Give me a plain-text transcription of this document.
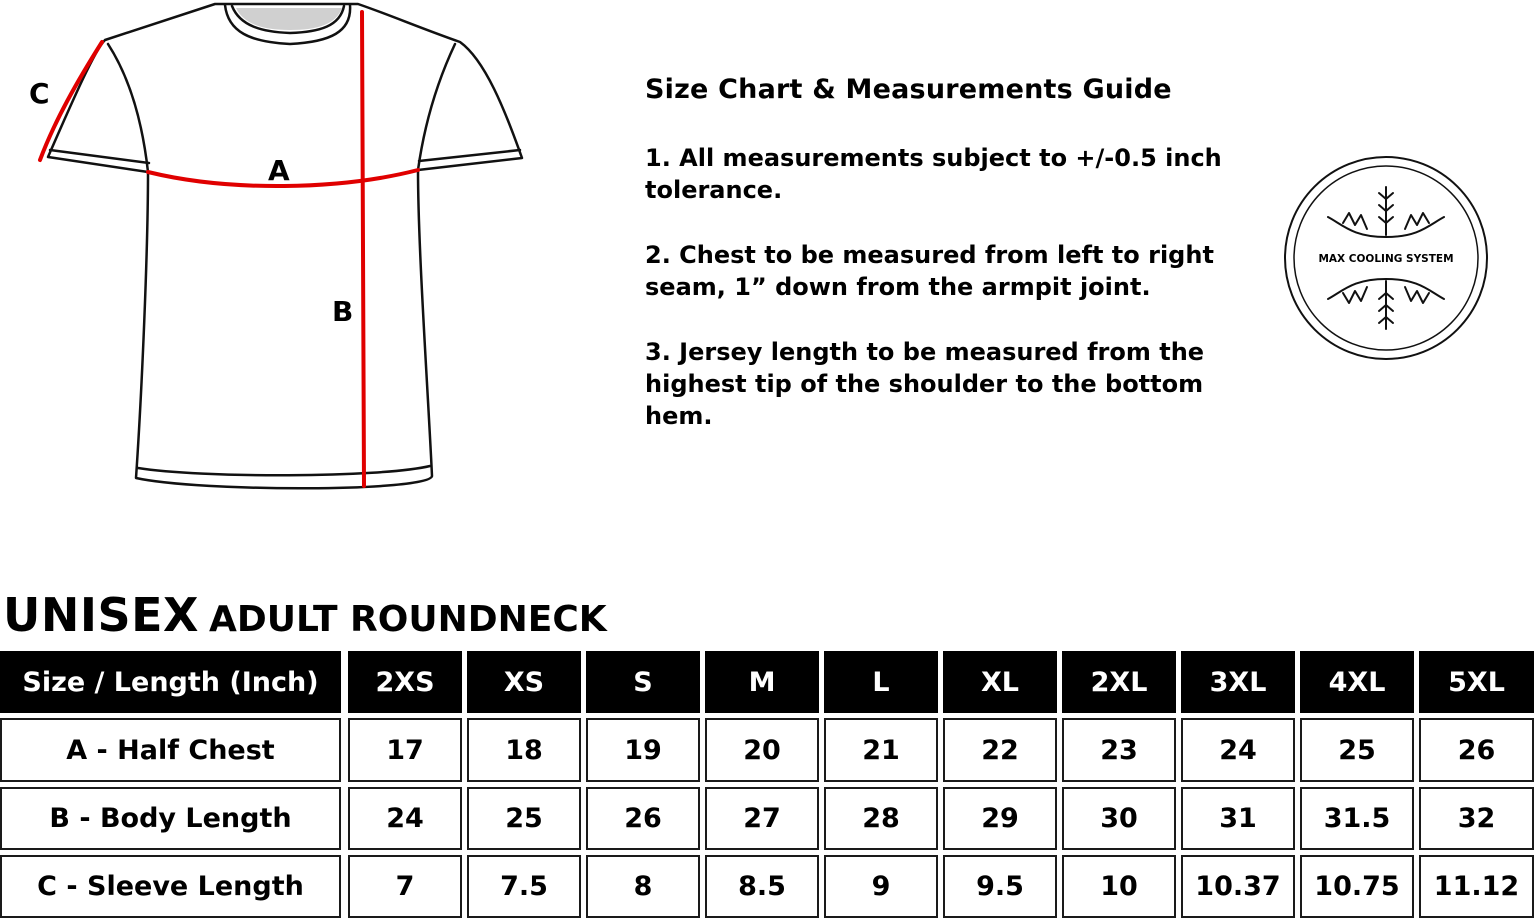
A
B
C	Size Chart & Measurements Guide
1. All measurements subject to +/-0.5 inch tolerance.
2. Chest to be measured from left to right seam, 1” down from the armpit joint.
3. Jersey length to be measured from the highest tip of the shoulder to the bottom hem.
MAX COOLING SYSTEM
UNISEX ADULT ROUNDNECK
Size / Length (Inch)	2XS	XS	S	M	L	XL	2XL	3XL	4XL	5XL
A - Half Chest	17	18	19	20	21	22	23	24	25	26
B - Body Length	24	25	26	27	28	29	30	31	31.5	32
C - Sleeve Length	7	7.5	8	8.5	9	9.5	10	10.37	10.75	11.12
